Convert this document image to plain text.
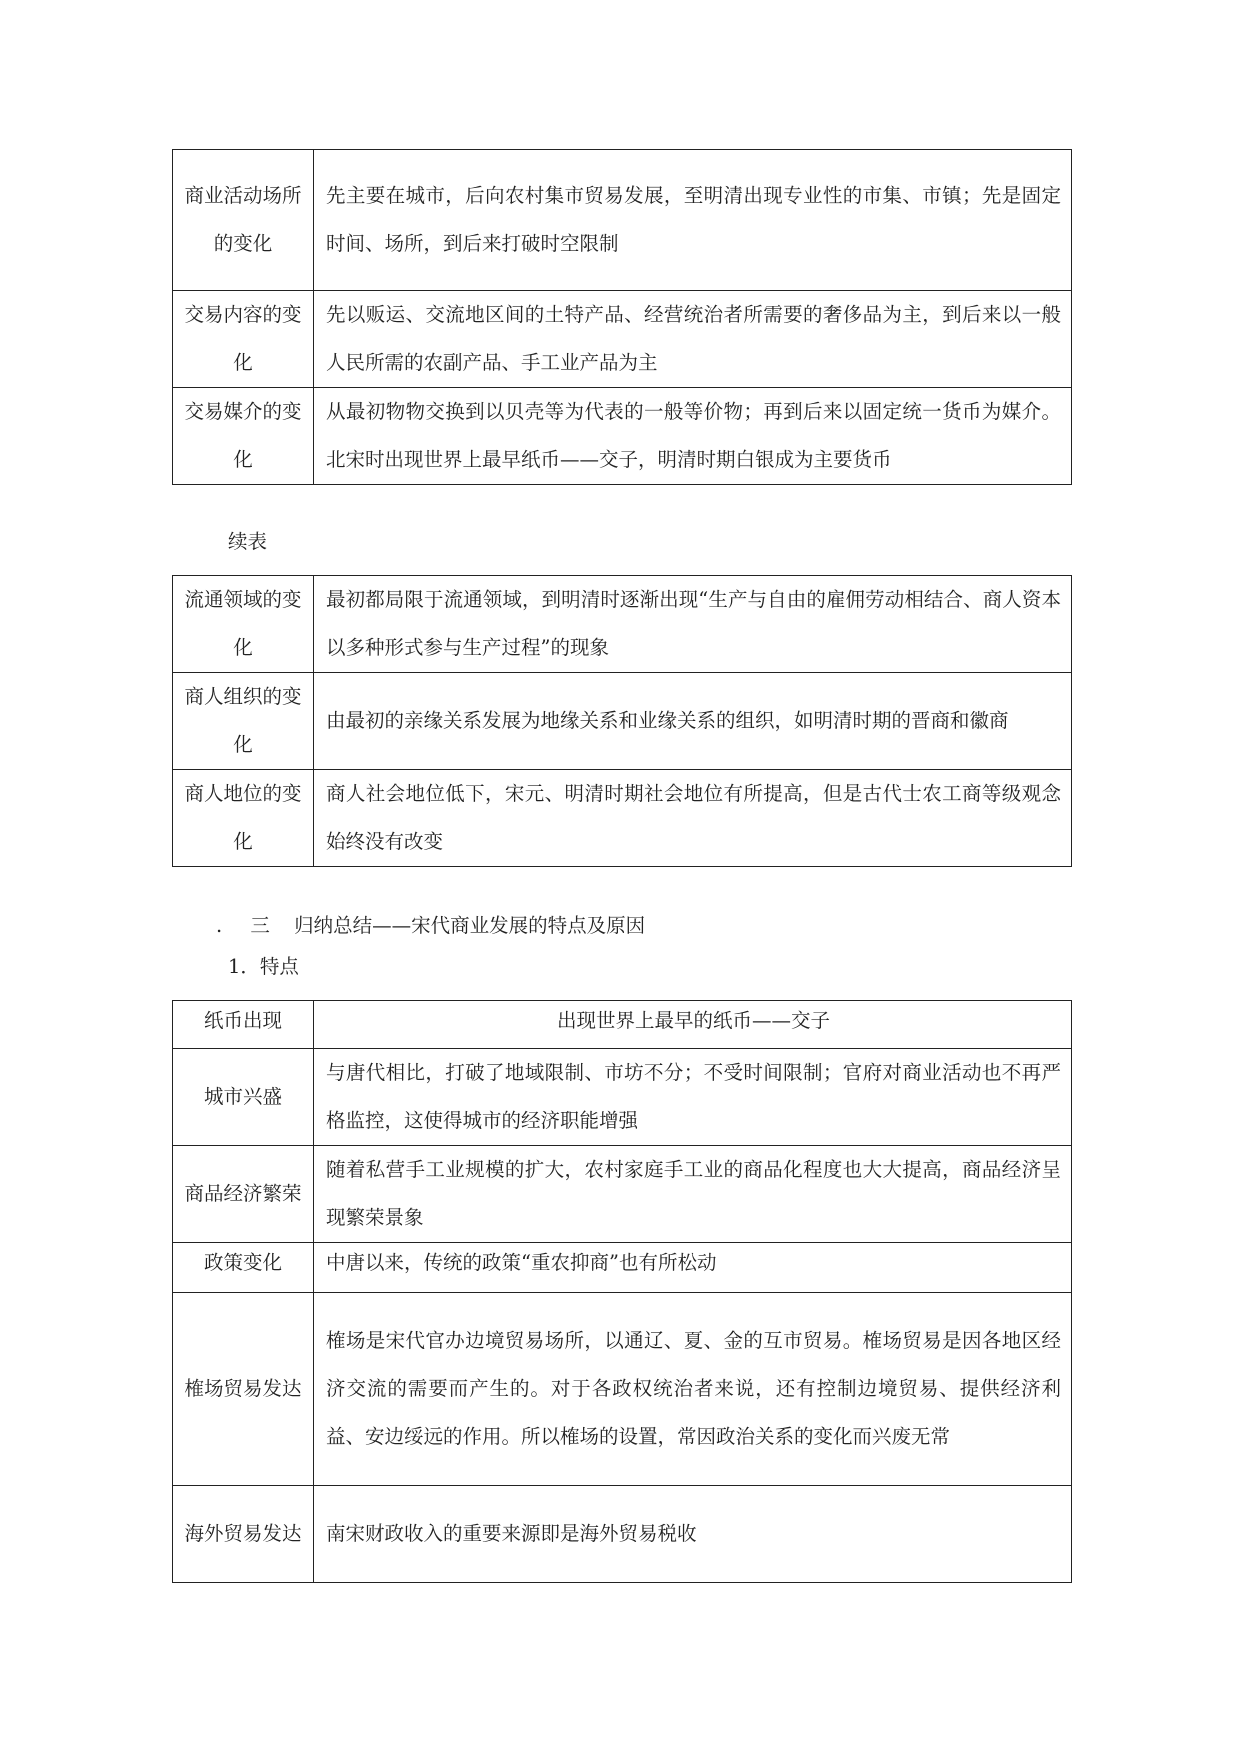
商业活动场所的变化	先主要在城市，后向农村集市贸易发展，至明清出现专业性的市集、市镇；先是固定时间、场所，到后来打破时空限制
交易内容的变化	先以贩运、交流地区间的土特产品、经营统治者所需要的奢侈品为主，到后来以一般人民所需的农副产品、手工业产品为主
交易媒介的变化	从最初物物交换到以贝壳等为代表的一般等价物；再到后来以固定统一货币为媒介。北宋时出现世界上最早纸币——交子，明清时期白银成为主要货币
续表
流通领域的变化	最初都局限于流通领域，到明清时逐渐出现“生产与自由的雇佣劳动相结合、商人资本以多种形式参与生产过程”的现象
商人组织的变化	由最初的亲缘关系发展为地缘关系和业缘关系的组织，如明清时期的晋商和徽商
商人地位的变化	商人社会地位低下，宋元、明清时期社会地位有所提高，但是古代士农工商等级观念始终没有改变
. 三 归纳总结——宋代商业发展的特点及原因
1．特点
纸币出现	出现世界上最早的纸币——交子
城市兴盛	与唐代相比，打破了地域限制、市坊不分；不受时间限制；官府对商业活动也不再严格监控，这使得城市的经济职能增强
商品经济繁荣	随着私营手工业规模的扩大，农村家庭手工业的商品化程度也大大提高，商品经济呈现繁荣景象
政策变化	中唐以来，传统的政策“重农抑商”也有所松动
榷场贸易发达	榷场是宋代官办边境贸易场所，以通辽、夏、金的互市贸易。榷场贸易是因各地区经济交流的需要而产生的。对于各政权统治者来说，还有控制边境贸易、提供经济利益、安边绥远的作用。所以榷场的设置，常因政治关系的变化而兴废无常
海外贸易发达	南宋财政收入的重要来源即是海外贸易税收
